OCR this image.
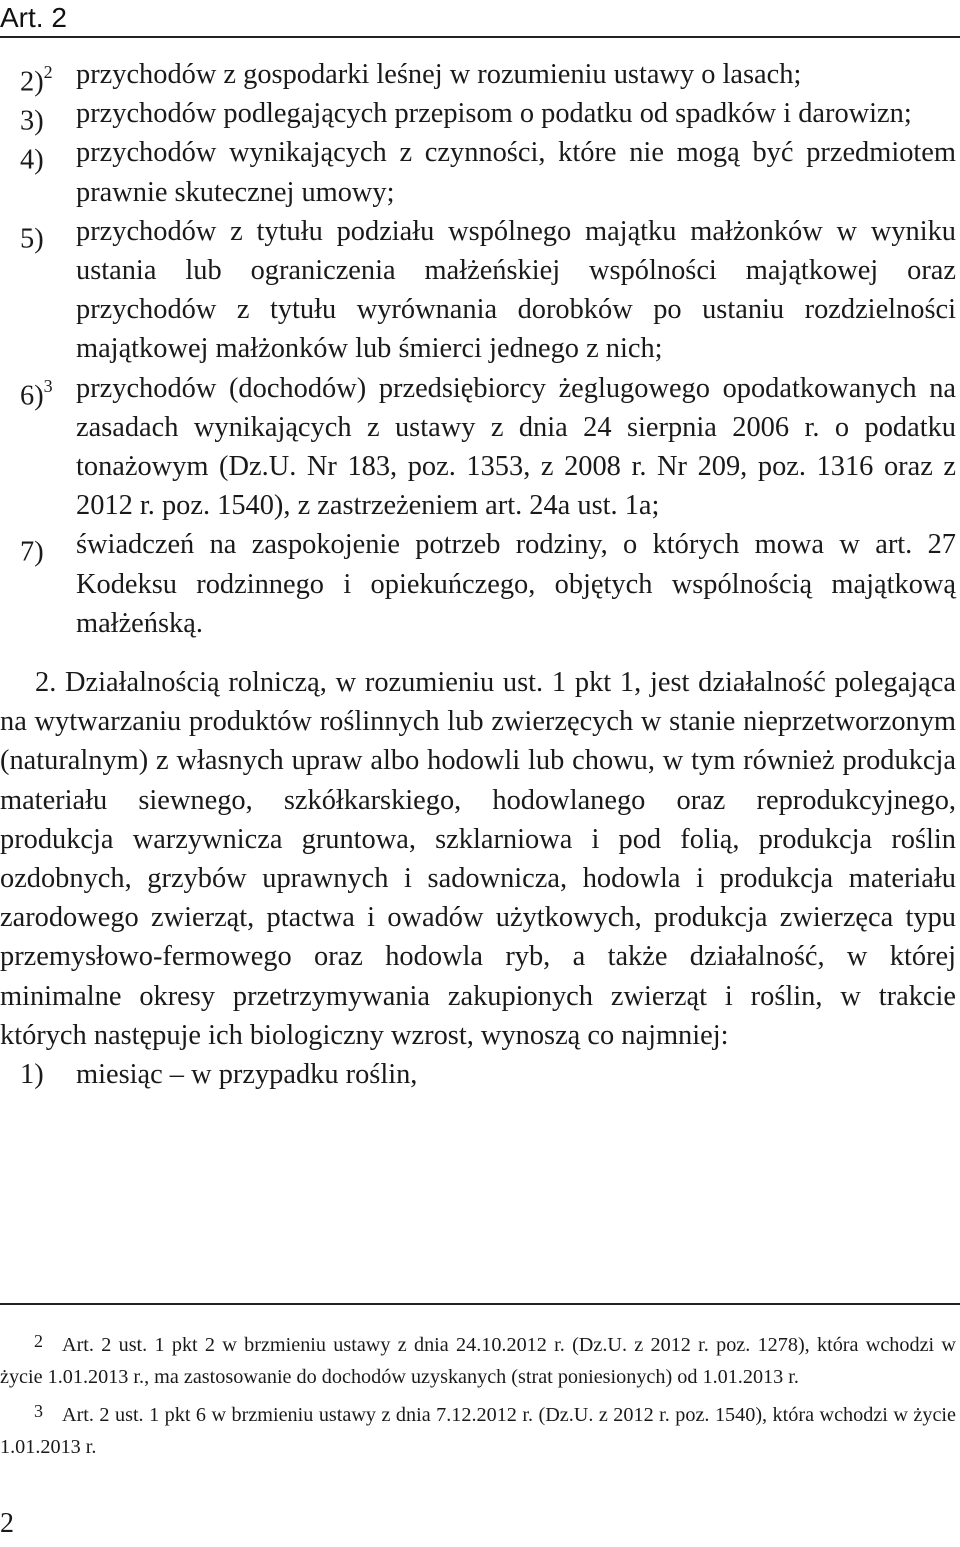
Art. 2
2)$^2$ przychodów z gospodarki leśnej w rozumieniu ustawy o lasach;
3) przychodów podlegających przepisom o podatku od spadków i darowizn;
4) przychodów wynikających z czynności, które nie mogą być przedmiotem prawnie skutecznej umowy;
5) przychodów z tytułu podziału wspólnego majątku małżonków w wyniku ustania lub ograniczenia małżeńskiej wspólności majątkowej oraz przychodów z tytułu wyrównania dorobków po ustaniu rozdzielności majątkowej małżonków lub śmierci jednego z nich;
6)$^3$ przychodów (dochodów) przedsiębiorcy żeglugowego opodatkowanych na zasadach wynikających z ustawy z dnia 24 sierpnia 2006 r. o podatku tonażowym (Dz.U. Nr 183, poz. 1353, z 2008 r. Nr 209, poz. 1316 oraz z 2012 r. poz. 1540), z zastrzeżeniem art. 24a ust. 1a;
7) świadczeń na zaspokojenie potrzeb rodziny, o których mowa w art. 27 Kodeksu rodzinnego i opiekuńczego, objętych wspólnością majątkową małżeńską.
2. Działalnością rolniczą, w rozumieniu ust. 1 pkt 1, jest działalność polegająca na wytwarzaniu produktów roślinnych lub zwierzęcych w stanie nieprzetworzonym (naturalnym) z własnych upraw albo hodowli lub chowu, w tym również produkcja materiału siewnego, szkółkarskiego, hodowlanego oraz reprodukcyjnego, produkcja warzywnicza gruntowa, szklarniowa i pod folią, produkcja roślin ozdobnych, grzybów uprawnych i sadownicza, hodowla i produkcja materiału zarodowego zwierząt, ptactwa i owadów użytkowych, produkcja zwierzęca typu przemysłowo-fermowego oraz hodowla ryb, a także działalność, w której minimalne okresy przetrzymywania zakupionych zwierząt i roślin, w trakcie których następuje ich biologiczny wzrost, wynoszą co najmniej:
1) miesiąc – w przypadku roślin,
2 Art. 2 ust. 1 pkt 2 w brzmieniu ustawy z dnia 24.10.2012 r. (Dz.U. z 2012 r. poz. 1278), która wchodzi w życie 1.01.2013 r., ma zastosowanie do dochodów uzyskanych (strat poniesionych) od 1.01.2013 r.
3 Art. 2 ust. 1 pkt 6 w brzmieniu ustawy z dnia 7.12.2012 r. (Dz.U. z 2012 r. poz. 1540), która wchodzi w życie 1.01.2013 r.
2
